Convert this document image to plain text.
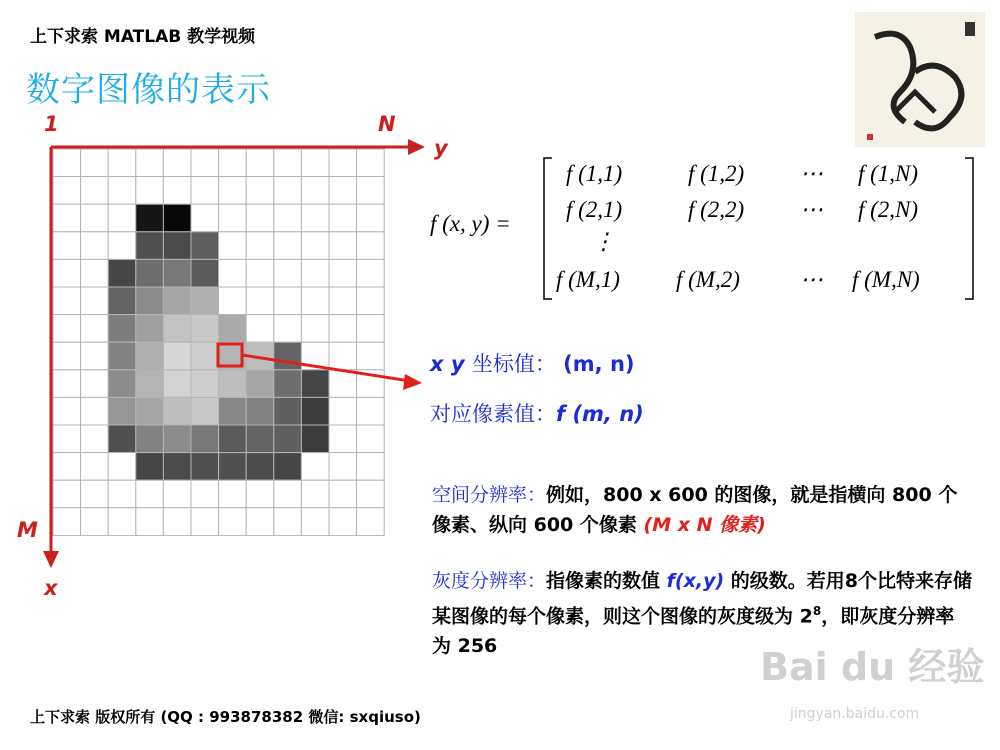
上下求索 MATLAB 教学视频
数字图像的表示
1	N
y
M
x
f (x, y) =
f (1,1)	f (1,2) ⋯ f (1,N)
f (2,1)	f (2,2) ⋯ f (2,N)
⋮
f (M,1) f (M,2)	⋯ f (M,N)
x y 坐标值： (m, n)
对应像素值：f (m, n)
空间分辨率：例如，800 x 600 的图像，就是指横向 800 个像素、纵向 600 个像素 (M x N 像素)
灰度分辨率：指像素的数值 f(x,y) 的级数。若用8个比特来存储某图像的每个像素，则这个图像的灰度级为 $2^8$，即灰度分辨率为 256	Bai du 经验
jingyan.baidu.com
上下求索 版权所有 (QQ : 993878382 微信: sxqiuso)
